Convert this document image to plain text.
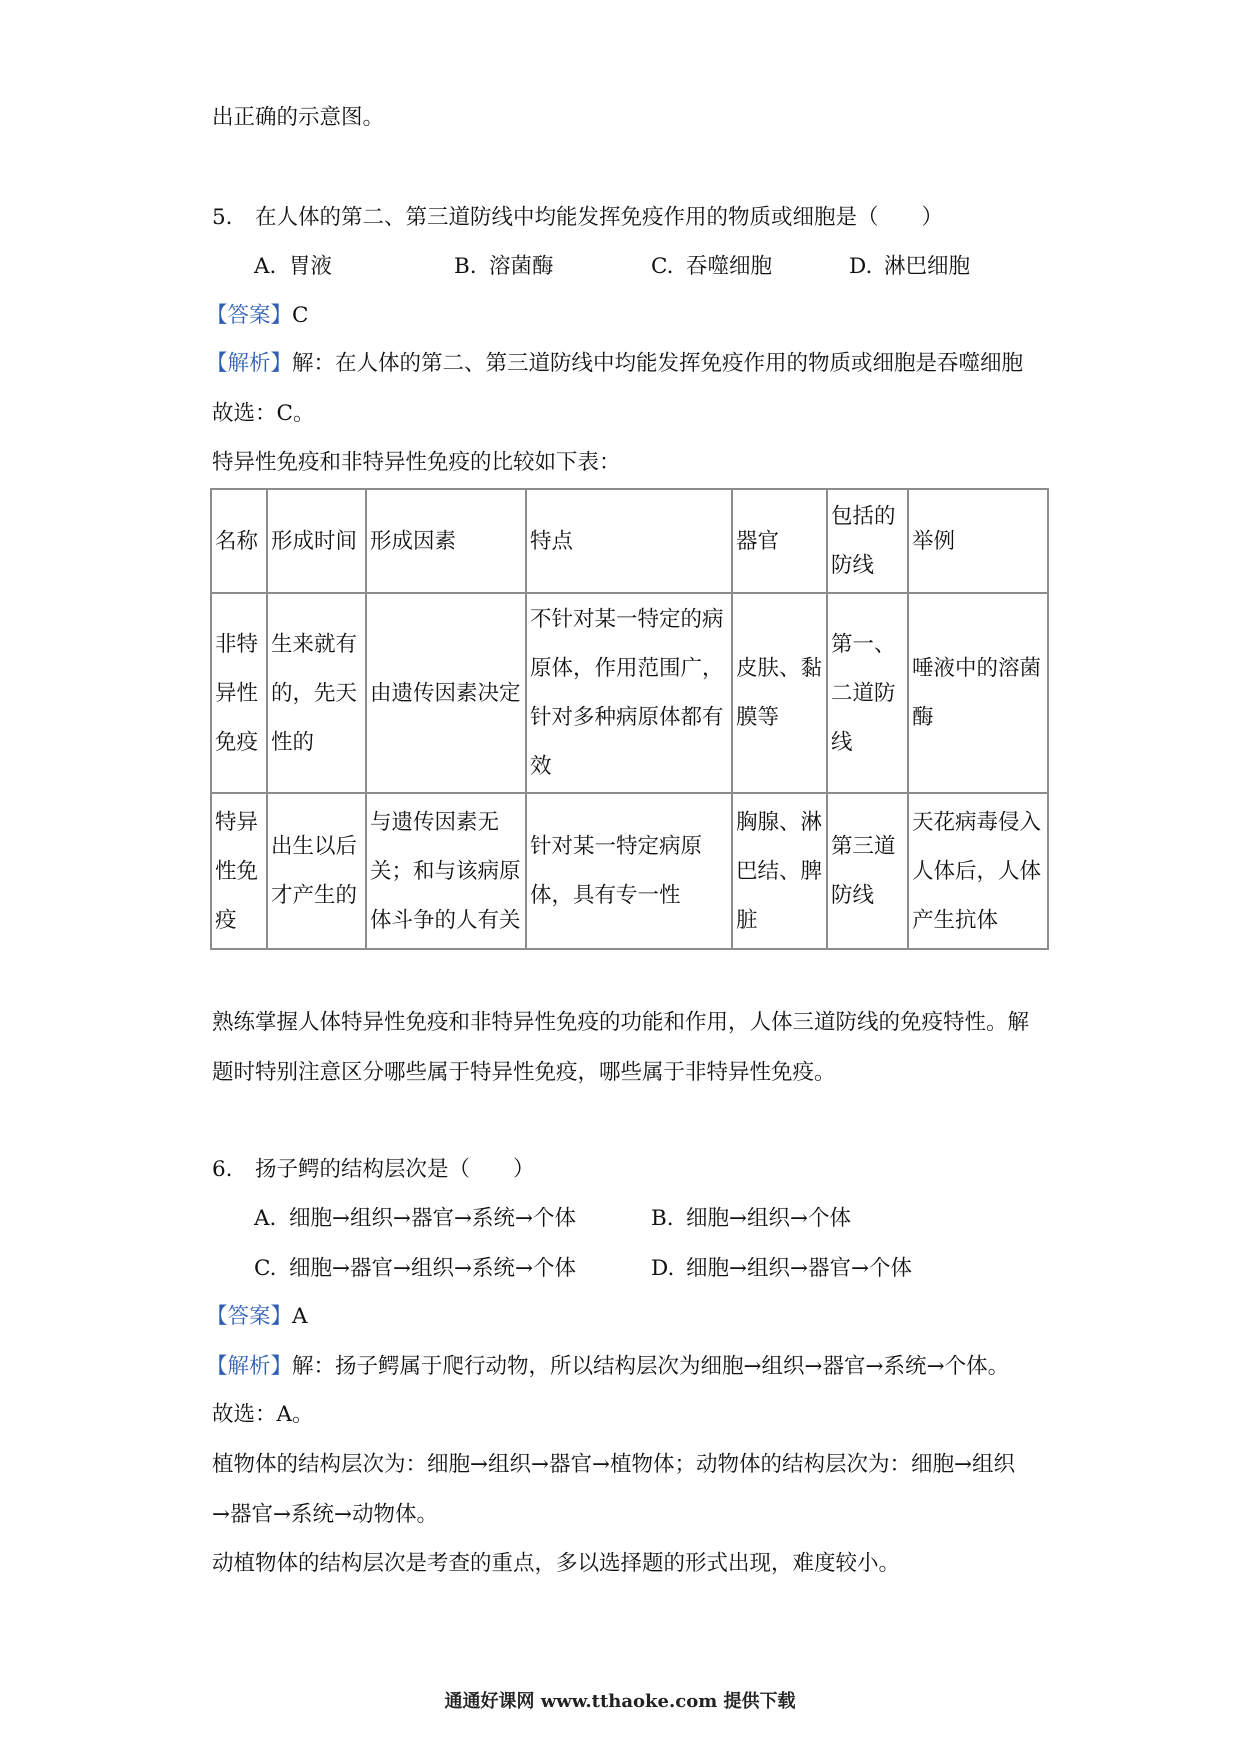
出正确的示意图。
5. 在人体的第二、第三道防线中均能发挥免疫作用的物质或细胞是（　　）
A. 胃液	B. 溶菌酶	C. 吞噬细胞	D. 淋巴细胞
【答案】C
【解析】解：在人体的第二、第三道防线中均能发挥免疫作用的物质或细胞是吞噬细胞
故选：C。
特异性免疫和非特异性免疫的比较如下表：
名称	形成时间	形成因素	特点	器官	包括的防线	举例
非特异性免疫	生来就有的，先天性的	由遗传因素决定	不针对某一特定的病原体，作用范围广，针对多种病原体都有效	皮肤、黏膜等	第一、二道防线	唾液中的溶菌酶
特异性免疫	出生以后才产生的	与遗传因素无关；和与该病原体斗争的人有关	针对某一特定病原体，具有专一性	胸腺、淋巴结、脾脏	第三道防线	天花病毒侵入人体后，人体产生抗体
熟练掌握人体特异性免疫和非特异性免疫的功能和作用，人体三道防线的免疫特性。解
题时特别注意区分哪些属于特异性免疫，哪些属于非特异性免疫。
6. 扬子鳄的结构层次是（　　）
A. 细胞→组织→器官→系统→个体	B. 细胞→组织→个体
C. 细胞→器官→组织→系统→个体	D. 细胞→组织→器官→个体
【答案】A
【解析】解：扬子鳄属于爬行动物，所以结构层次为细胞→组织→器官→系统→个体。
故选：A。
植物体的结构层次为：细胞→组织→器官→植物体；动物体的结构层次为：细胞→组织
→器官→系统→动物体。
动植物体的结构层次是考查的重点，多以选择题的形式出现，难度较小。
通通好课网 www.tthaoke.com 提供下载
